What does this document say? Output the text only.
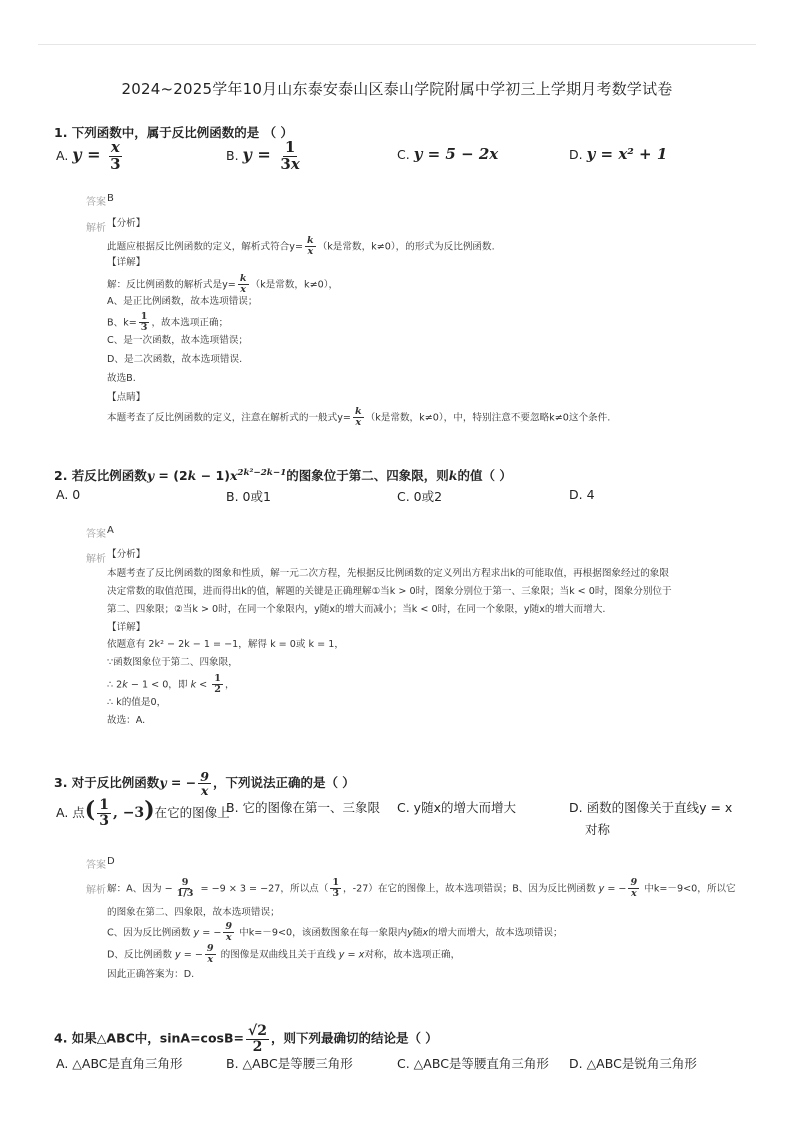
2024~2025学年10月山东泰安泰山区泰山学院附属中学初三上学期月考数学试卷
1. 下列函数中，属于反比例函数的是 （ ）
A. $y = \frac{x}{3}$	B. $y = \frac{1}{3x}$	C. y = 5 − 2x	D. y = x² + 1
答案 B
解析 【分析】
此题应根据反比例函数的定义，解析式符合$y= \frac{k}{x} (k$是常数，k≠0），的形式为反比例函数.
【详解】
解：反比例函数的解析式是$y= \frac{k}{x} (k$是常数，k≠0），
A、是正比例函数，故本选项错误；
B、$k= \frac{1}{3}$ ，故本选项正确；
C、是一次函数，故本选项错误；
D、是二次函数，故本选项错误.
故选B.
【点睛】
本题考查了反比例函数的定义，注意在解析式的一般式$y= \frac{k}{x} (k$是常数，k≠0），中，特别注意不要忽略k≠0这个条件.
2. 若反比例函数$y = (2k - 1)x^{2k^2-2k-1}$的图象位于第二、四象限，则k的值（ ）
A. 0	B. 0或1	C. 0或2	D. 4
答案 A
解析 【分析】
本题考查了反比例函数的图象和性质，解一元二次方程，先根据反比例函数的定义列出方程求出k的可能取值，再根据图象经过的象限
决定常数的取值范围，进而得出k的值，解题的关键是正确理解①当k > 0时，图象分别位于第一、三象限；当k < 0时，图象分别位于
第二、四象限；②当k > 0时，在同一个象限内，y随x的增大而减小；当k < 0时，在同一个象限，y随x的增大而增大.
【详解】
依题意有 2k² − 2k − 1 = −1，解得 k = 0或 k = 1，
∵函数图象位于第二、四象限，
∴ 2k − 1 < 0，即 $k < \frac{1}{2}$ ，
∴ k的值是0，
故选：A.
3. 对于反比例函数y = − $\frac{9}{x}$ ，下列说法正确的是（ ）
A. 点( $\frac{1}{3}$ , −3)在它的图像上
B. 它的图像在第一、三象限 C. y随x的增大而增大	D. 函数的图像关于直线y = x
对称
答案 D
解析 解：A、因为 − $\frac{9}{1/3} = -9 \times 3 = -27$，所以点（ $\frac{1}{3}$ ，-27）在它的图像上，故本选项错误；B、因为反比例函数 y = − $\frac{9}{x}$ 中k=－9<0，所以它
的图象在第二、四象限，故本选项错误；
C、因为反比例函数 y = − $\frac{9}{x}$ 中k=－9<0，该函数图象在每一象限内y随x的增大而增大，故本选项错误；
D、反比例函数 y = − $\frac{9}{x}$ 的图像是双曲线且关于直线 y = x对称，故本选项正确，
因此正确答案为：D.
4. 如果△ABC中，$\sin A=\cos B= \frac{√2}{2}$ ，则下列最确切的结论是（ ）
A. △ABC是直角三角形	B. △ABC是等腰三角形	C. △ABC是等腰直角三角形 D. △ABC是锐角三角形
